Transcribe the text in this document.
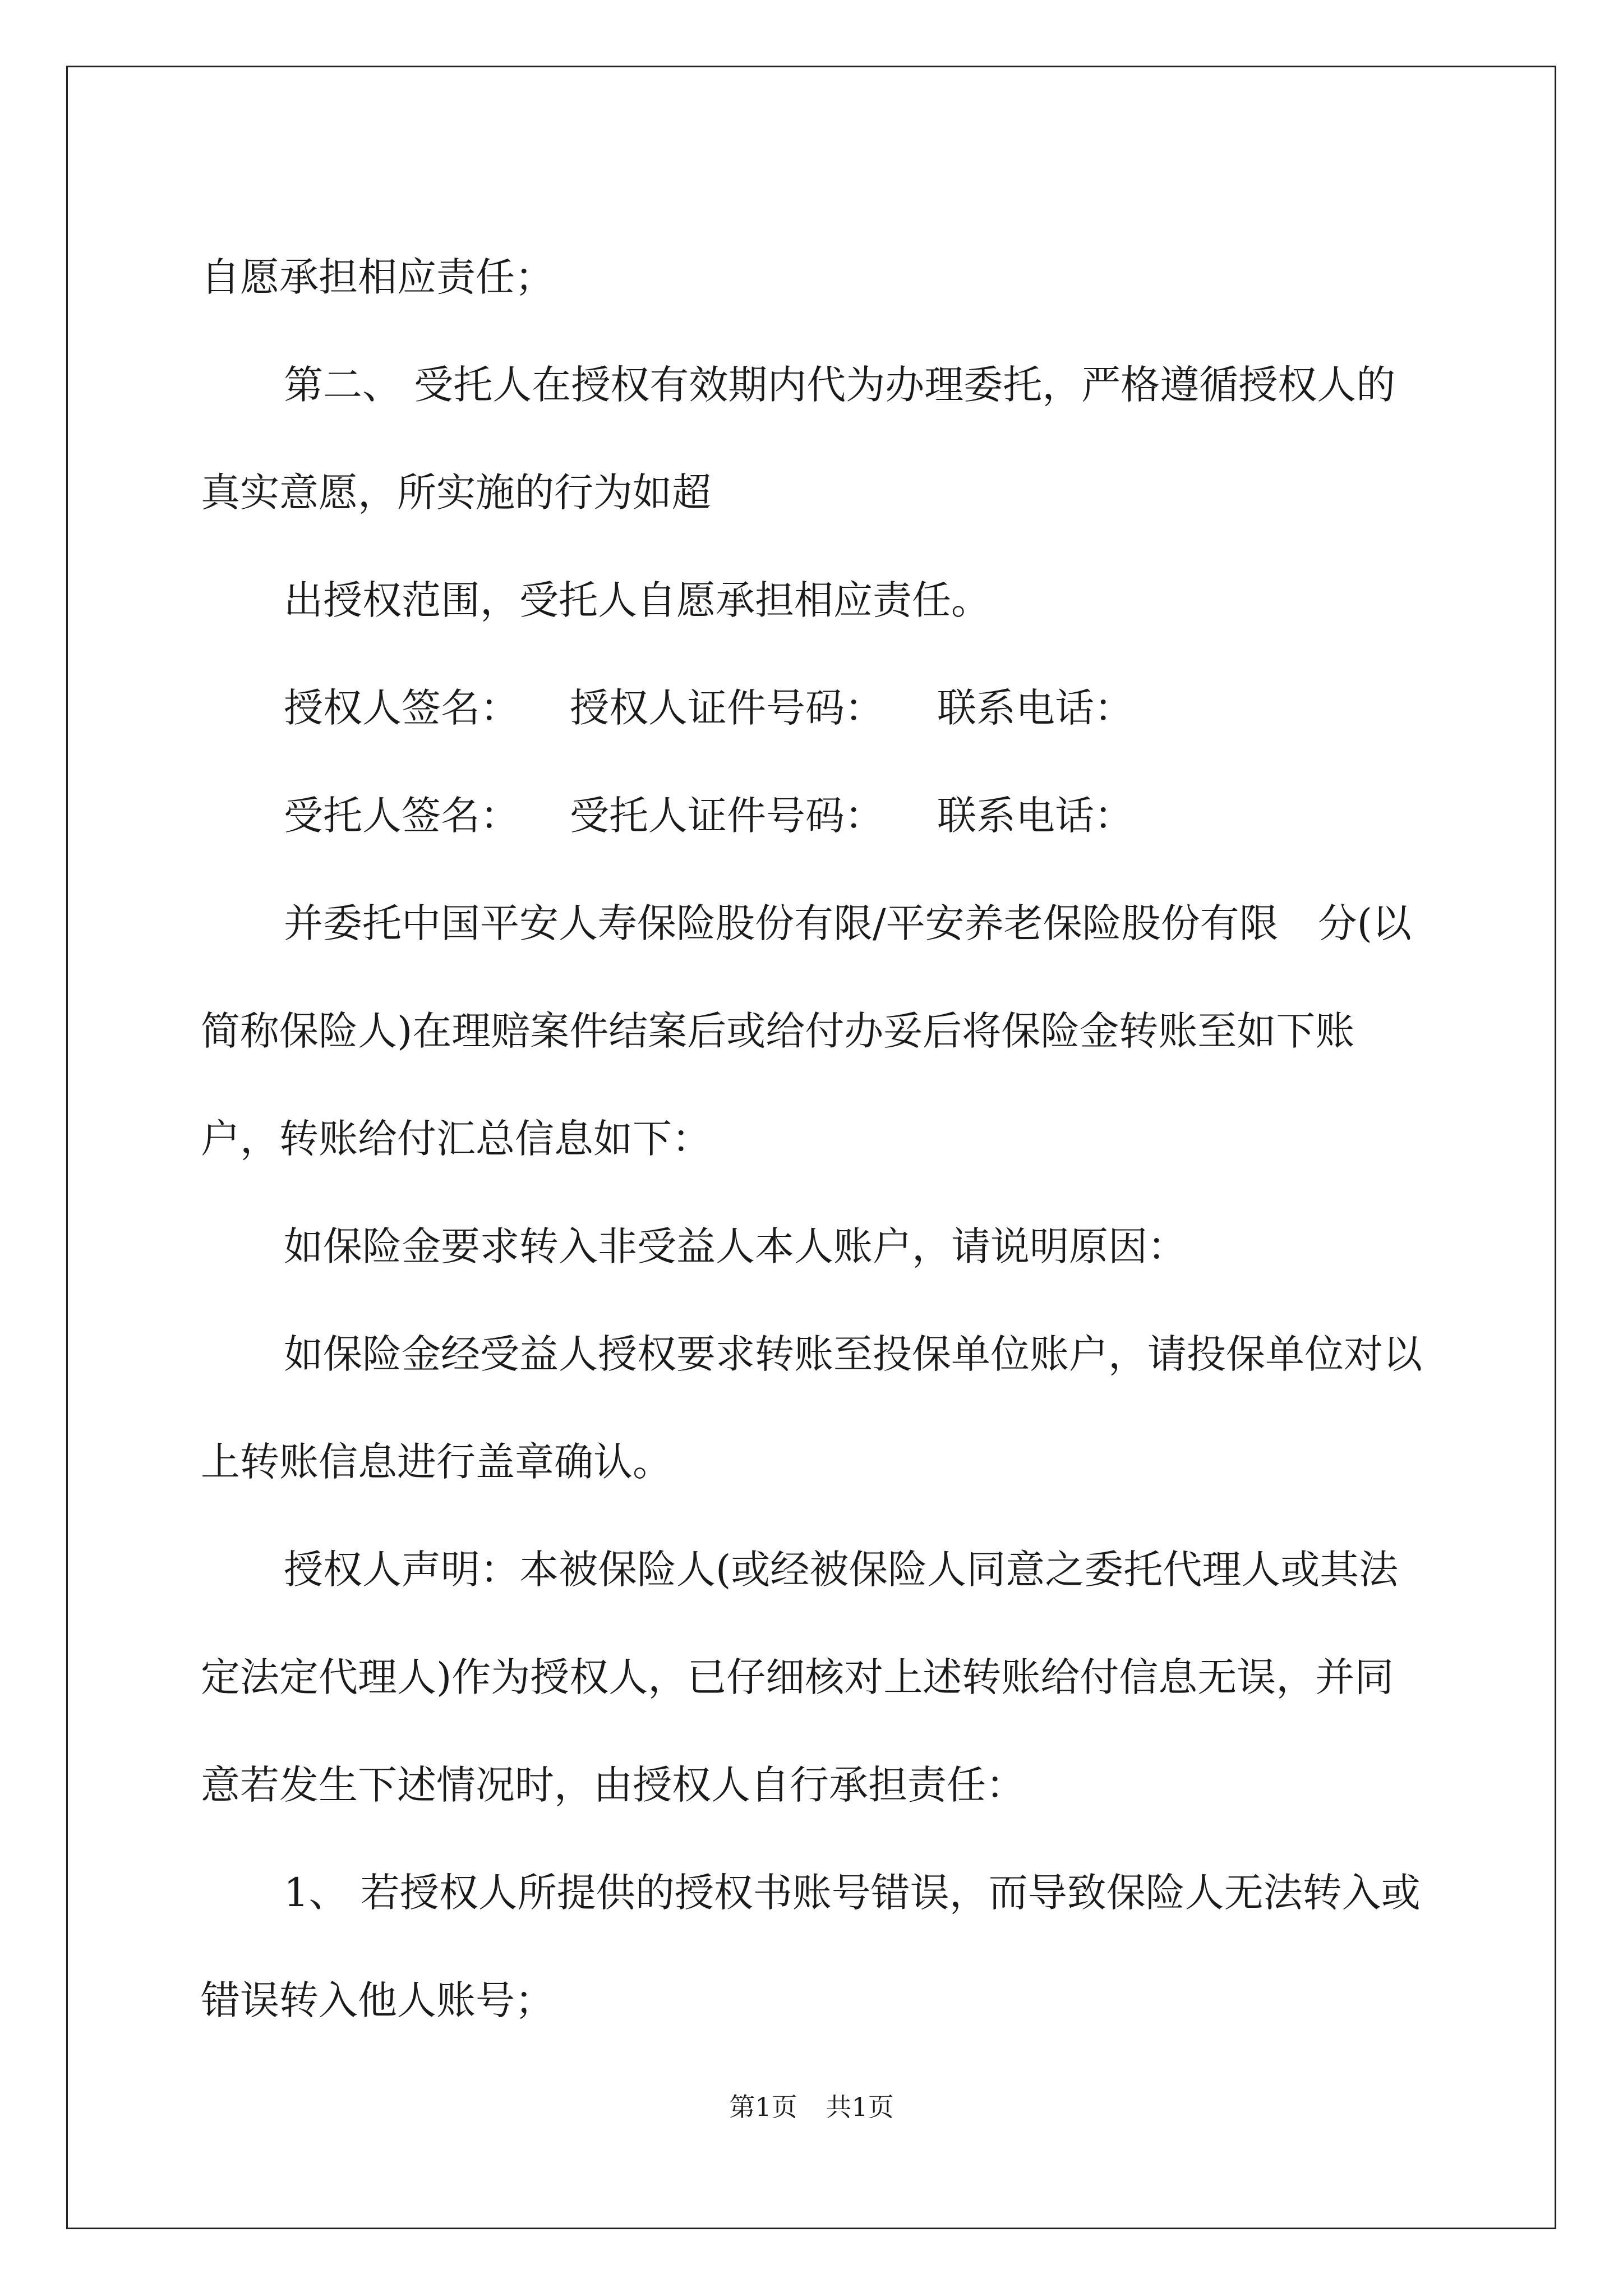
自愿承担相应责任；

第二、 受托人在授权有效期内代为办理委托，严格遵循授权人的真实意愿，所实施的行为如超

出授权范围，受托人自愿承担相应责任。

授权人签名：	授权人证件号码：	联系电话：
受托人签名：	受托人证件号码：	联系电话：

并委托中国平安人寿保险股份有限/平安养老保险股份有限　分(以简称保险人)在理赔案件结案后或给付办妥后将保险金转账至如下账户，转账给付汇总信息如下：

如保险金要求转入非受益人本人账户，请说明原因：

如保险金经受益人授权要求转账至投保单位账户，请投保单位对以上转账信息进行盖章确认。

授权人声明：本被保险人(或经被保险人同意之委托代理人或其法定法定代理人)作为授权人，已仔细核对上述转账给付信息无误，并同意若发生下述情况时，由授权人自行承担责任：

1、 若授权人所提供的授权书账号错误，而导致保险人无法转入或错误转入他人账号；

第1页 共1页
